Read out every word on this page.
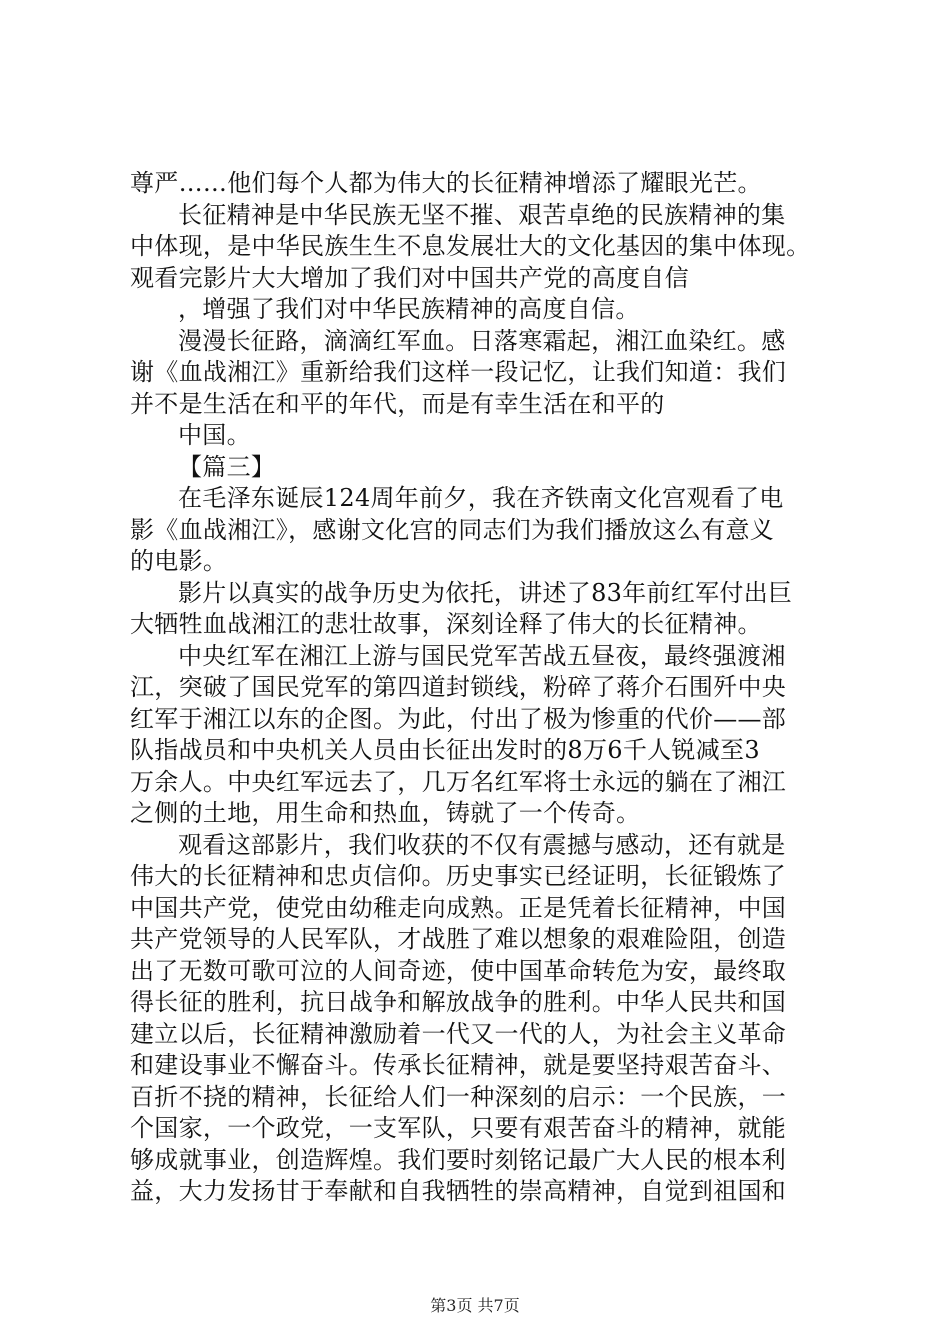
尊严……他们每个人都为伟大的长征精神增添了耀眼光芒。
长征精神是中华民族无坚不摧、艰苦卓绝的民族精神的集
中体现，是中华民族生生不息发展壮大的文化基因的集中体现。
观看完影片大大增加了我们对中国共产党的高度自信
，增强了我们对中华民族精神的高度自信。
漫漫长征路，滴滴红军血。日落寒霜起，湘江血染红。感
谢《血战湘江》重新给我们这样一段记忆，让我们知道：我们
并不是生活在和平的年代，而是有幸生活在和平的
中国。
【篇三】
在毛泽东诞辰124周年前夕，我在齐铁南文化宫观看了电
影《血战湘江》，感谢文化宫的同志们为我们播放这么有意义
的电影。
影片以真实的战争历史为依托，讲述了83年前红军付出巨
大牺牲血战湘江的悲壮故事，深刻诠释了伟大的长征精神。
中央红军在湘江上游与国民党军苦战五昼夜，最终强渡湘
江，突破了国民党军的第四道封锁线，粉碎了蒋介石围歼中央
红军于湘江以东的企图。为此，付出了极为惨重的代价——部
队指战员和中央机关人员由长征出发时的8万6千人锐减至3
万余人。中央红军远去了，几万名红军将士永远的躺在了湘江
之侧的土地，用生命和热血，铸就了一个传奇。
观看这部影片，我们收获的不仅有震撼与感动，还有就是
伟大的长征精神和忠贞信仰。历史事实已经证明，长征锻炼了
中国共产党，使党由幼稚走向成熟。正是凭着长征精神，中国
共产党领导的人民军队，才战胜了难以想象的艰难险阻，创造
出了无数可歌可泣的人间奇迹，使中国革命转危为安，最终取
得长征的胜利，抗日战争和解放战争的胜利。中华人民共和国
建立以后，长征精神激励着一代又一代的人，为社会主义革命
和建设事业不懈奋斗。传承长征精神，就是要坚持艰苦奋斗、
百折不挠的精神，长征给人们一种深刻的启示：一个民族，一
个国家，一个政党，一支军队，只要有艰苦奋斗的精神，就能
够成就事业，创造辉煌。我们要时刻铭记最广大人民的根本利
益，大力发扬甘于奉献和自我牺牲的崇高精神，自觉到祖国和
第3页 共7页
